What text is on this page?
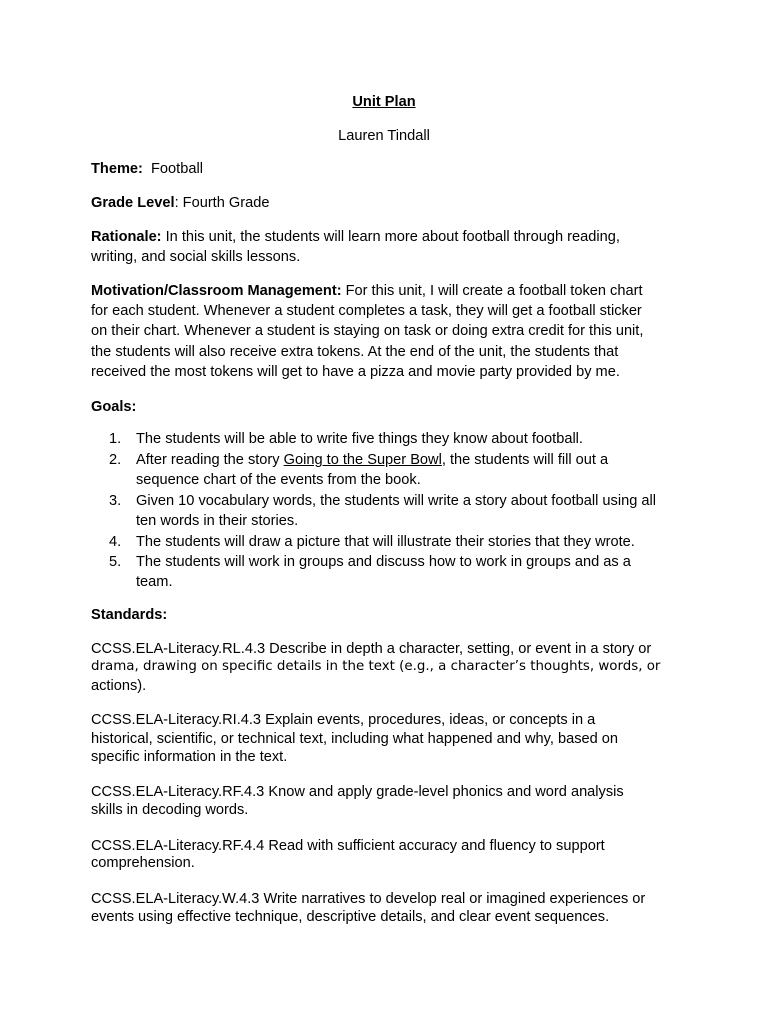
Unit Plan

Lauren Tindall

Theme: Football

Grade Level: Fourth Grade

Rationale: In this unit, the students will learn more about football through reading,

writing, and social skills lessons.

Motivation/Classroom Management: For this unit, I will create a football token chart

for each student. Whenever a student completes a task, they will get a football sticker

on their chart. Whenever a student is staying on task or doing extra credit for this unit,

the students will also receive extra tokens. At the end of the unit, the students that

received the most tokens will get to have a pizza and movie party provided by me.

Goals:

1. The students will be able to write five things they know about football.

2. After reading the story Going to the Super Bowl, the students will fill out a

sequence chart of the events from the book.

3. Given 10 vocabulary words, the students will write a story about football using all

ten words in their stories.

4. The students will draw a picture that will illustrate their stories that they wrote.

5. The students will work in groups and discuss how to work in groups and as a

team.

Standards:

CCSS.ELA-Literacy.RL.4.3 Describe in depth a character, setting, or event in a story or

drama, drawing on specific details in the text (e.g., a character’s thoughts, words, or

actions).

CCSS.ELA-Literacy.RI.4.3 Explain events, procedures, ideas, or concepts in a

historical, scientific, or technical text, including what happened and why, based on

specific information in the text.

CCSS.ELA-Literacy.RF.4.3 Know and apply grade-level phonics and word analysis

skills in decoding words.

CCSS.ELA-Literacy.RF.4.4 Read with sufficient accuracy and fluency to support

comprehension.

CCSS.ELA-Literacy.W.4.3 Write narratives to develop real or imagined experiences or

events using effective technique, descriptive details, and clear event sequences.
